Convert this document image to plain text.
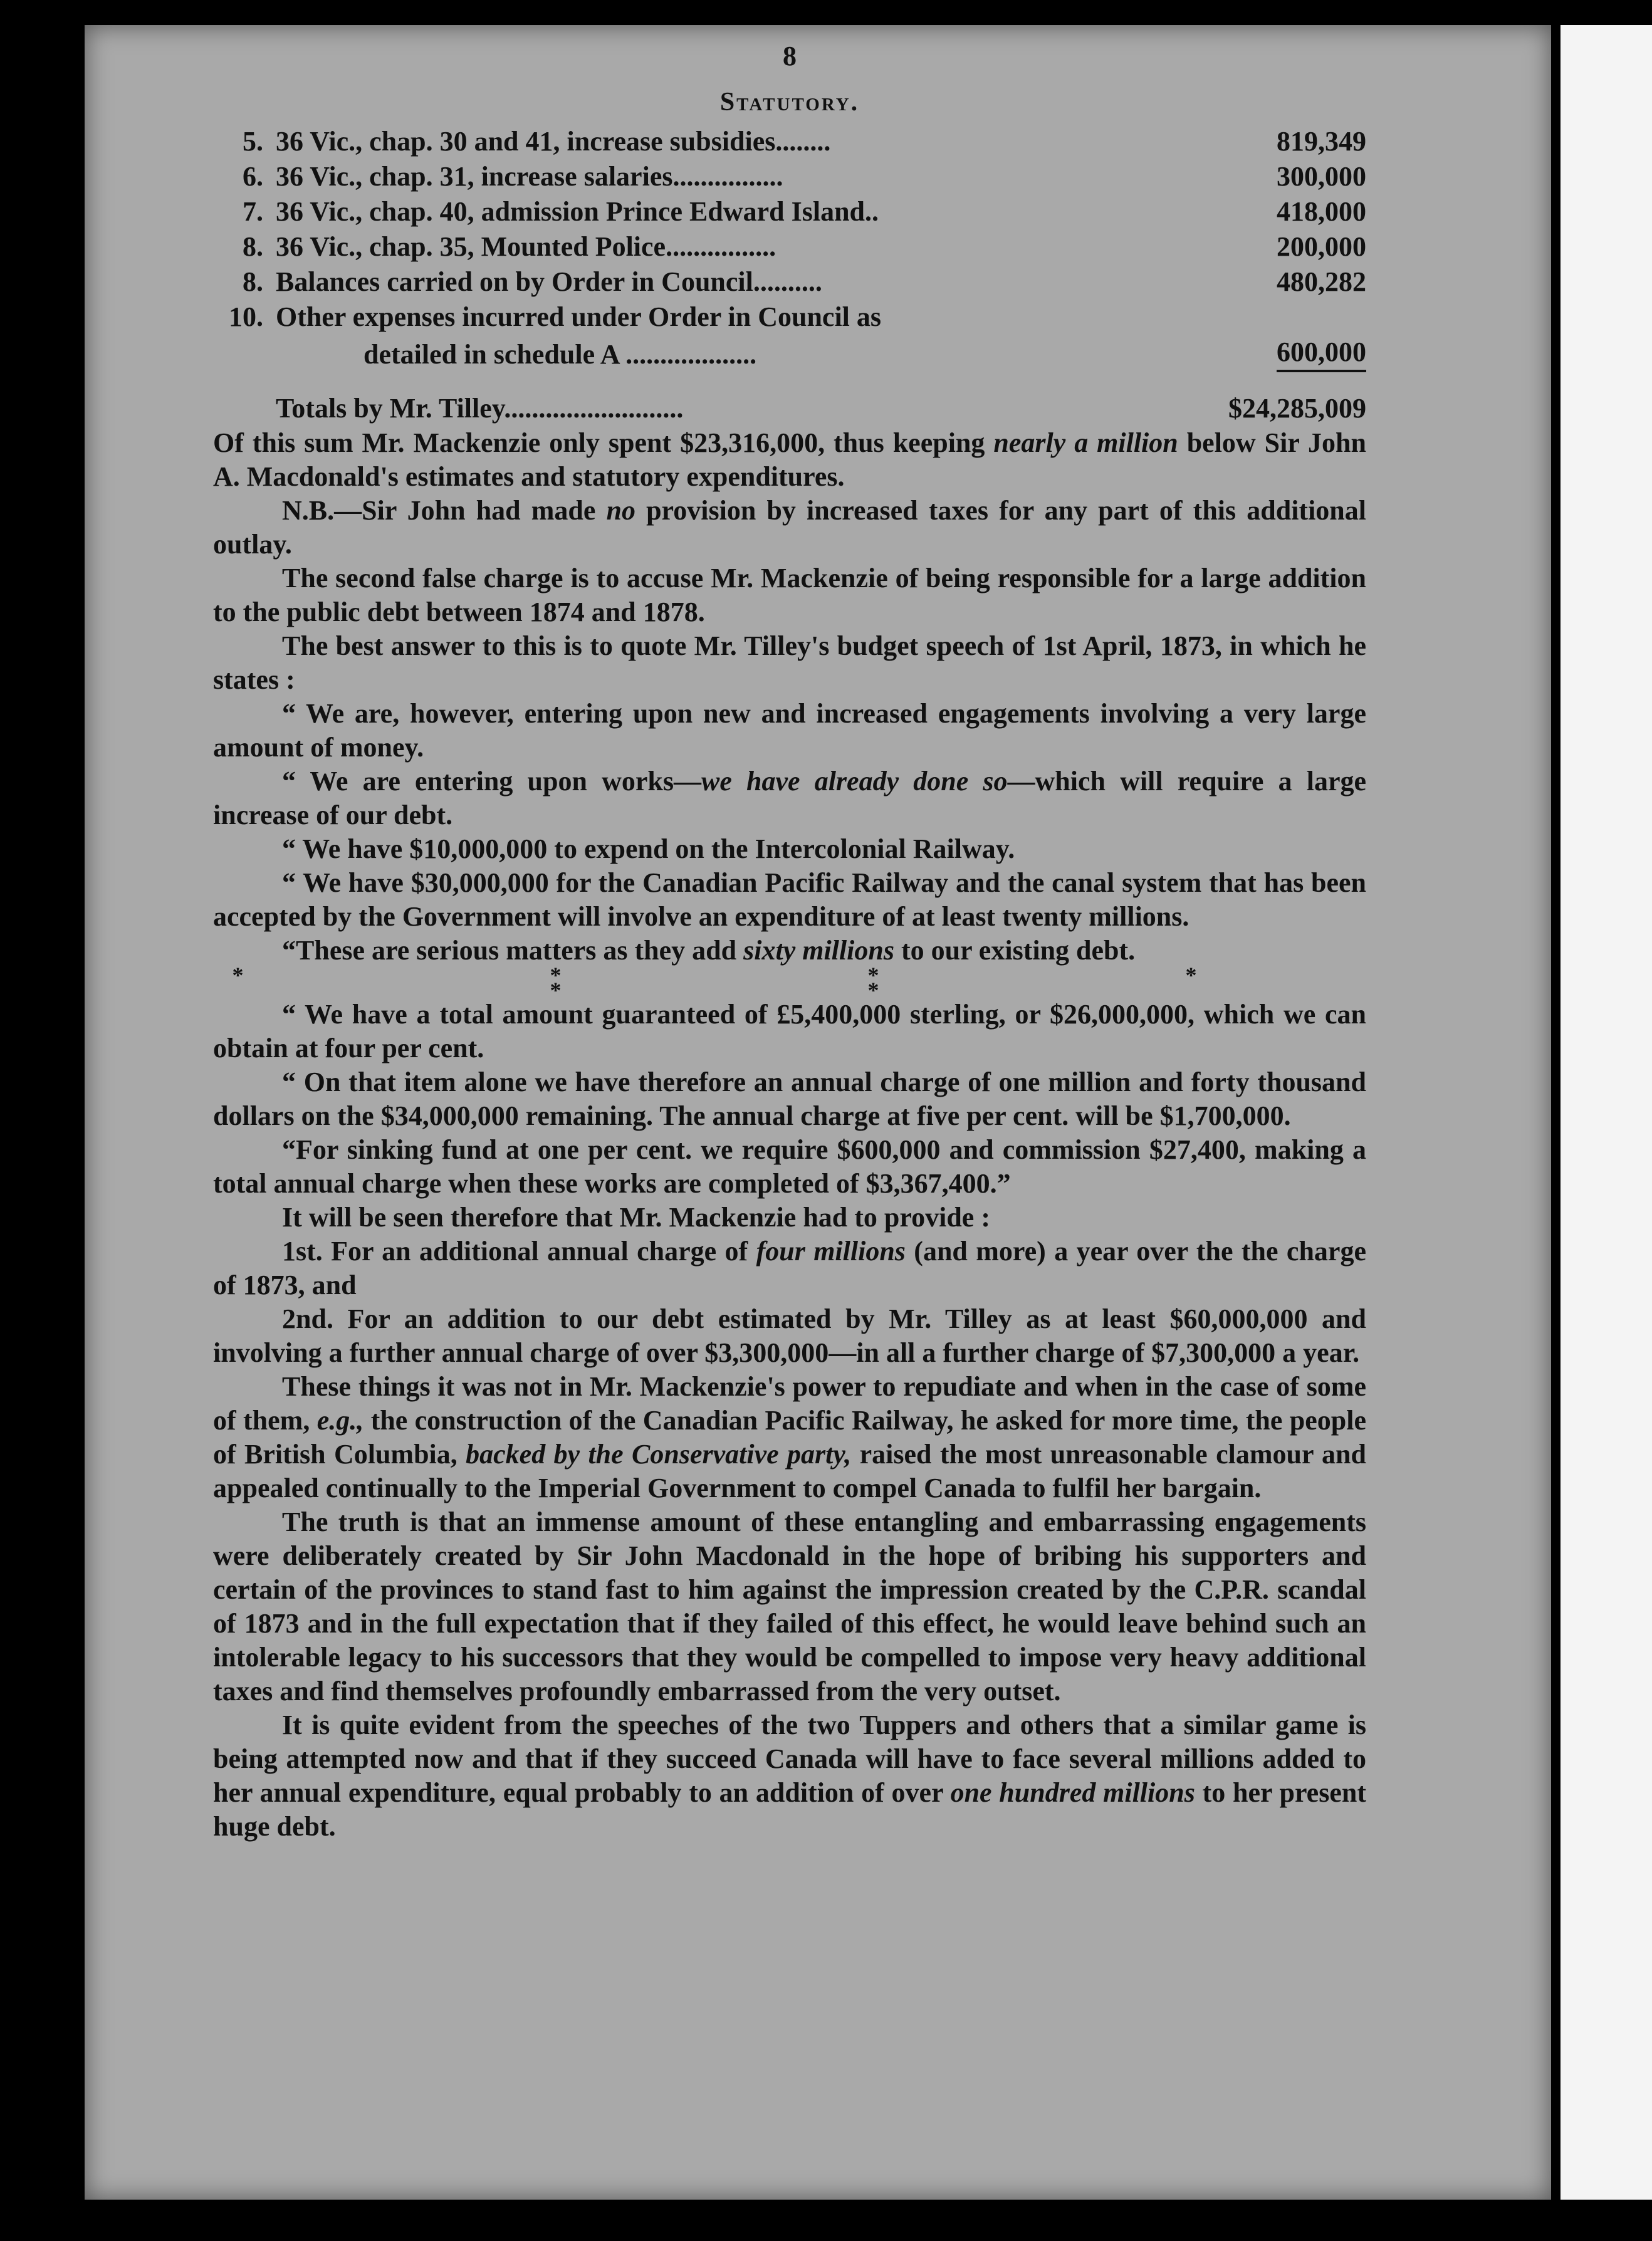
8
Statutory.
5.	36 Vic., chap. 30 and 41, increase subsidies........	819,349
6.	36 Vic., chap. 31, increase salaries................	300,000
7.	36 Vic., chap. 40, admission Prince Edward Island..	418,000
8.	36 Vic., chap. 35, Mounted Police................	200,000
8.	Balances carried on by Order in Council..........	480,282
10.	Other expenses incurred under Order in Council as	
	detailed in schedule A ...................	600,000
	Totals by Mr. Tilley..........................	$24,285,009

Of this sum Mr. Mackenzie only spent $23,316,000, thus keeping nearly a million below Sir John A. Macdonald's estimates and statutory expenditures.

N.B.—Sir John had made no provision by increased taxes for any part of this additional outlay.

The second false charge is to accuse Mr. Mackenzie of being responsible for a large addition to the public debt between 1874 and 1878.

The best answer to this is to quote Mr. Tilley's budget speech of 1st April, 1873, in which he states :

“ We are, however, entering upon new and increased engagements involving a very large amount of money.

“ We are entering upon works—we have already done so—which will require a large increase of our debt.

“ We have $10,000,000 to expend on the Intercolonial Railway.

“ We have $30,000,000 for the Canadian Pacific Railway and the canal system that has been accepted by the Government will involve an expenditure of at least twenty millions.

“These are serious matters as they add sixty millions to our existing debt.

* * * * * *

“ We have a total amount guaranteed of £5,400,000 sterling, or $26,000,000, which we can obtain at four per cent.

“ On that item alone we have therefore an annual charge of one million and forty thousand dollars on the $34,000,000 remaining. The annual charge at five per cent. will be $1,700,000.

“For sinking fund at one per cent. we require $600,000 and commission $27,400, making a total annual charge when these works are completed of $3,367,400.”

It will be seen therefore that Mr. Mackenzie had to provide :

1st. For an additional annual charge of four millions (and more) a year over the the charge of 1873, and

2nd. For an addition to our debt estimated by Mr. Tilley as at least $60,000,000 and involving a further annual charge of over $3,300,000—in all a further charge of $7,300,000 a year.

These things it was not in Mr. Mackenzie's power to repudiate and when in the case of some of them, e.g., the construction of the Canadian Pacific Railway, he asked for more time, the people of British Columbia, backed by the Conservative party, raised the most unreasonable clamour and appealed continually to the Imperial Government to compel Canada to fulfil her bargain.

The truth is that an immense amount of these entangling and embarrassing engagements were deliberately created by Sir John Macdonald in the hope of bribing his supporters and certain of the provinces to stand fast to him against the impression created by the C.P.R. scandal of 1873 and in the full expectation that if they failed of this effect, he would leave behind such an intolerable legacy to his successors that they would be compelled to impose very heavy additional taxes and find themselves profoundly embarrassed from the very outset.

It is quite evident from the speeches of the two Tuppers and others that a similar game is being attempted now and that if they succeed Canada will have to face several millions added to her annual expenditure, equal probably to an addition of over one hundred millions to her present huge debt.
